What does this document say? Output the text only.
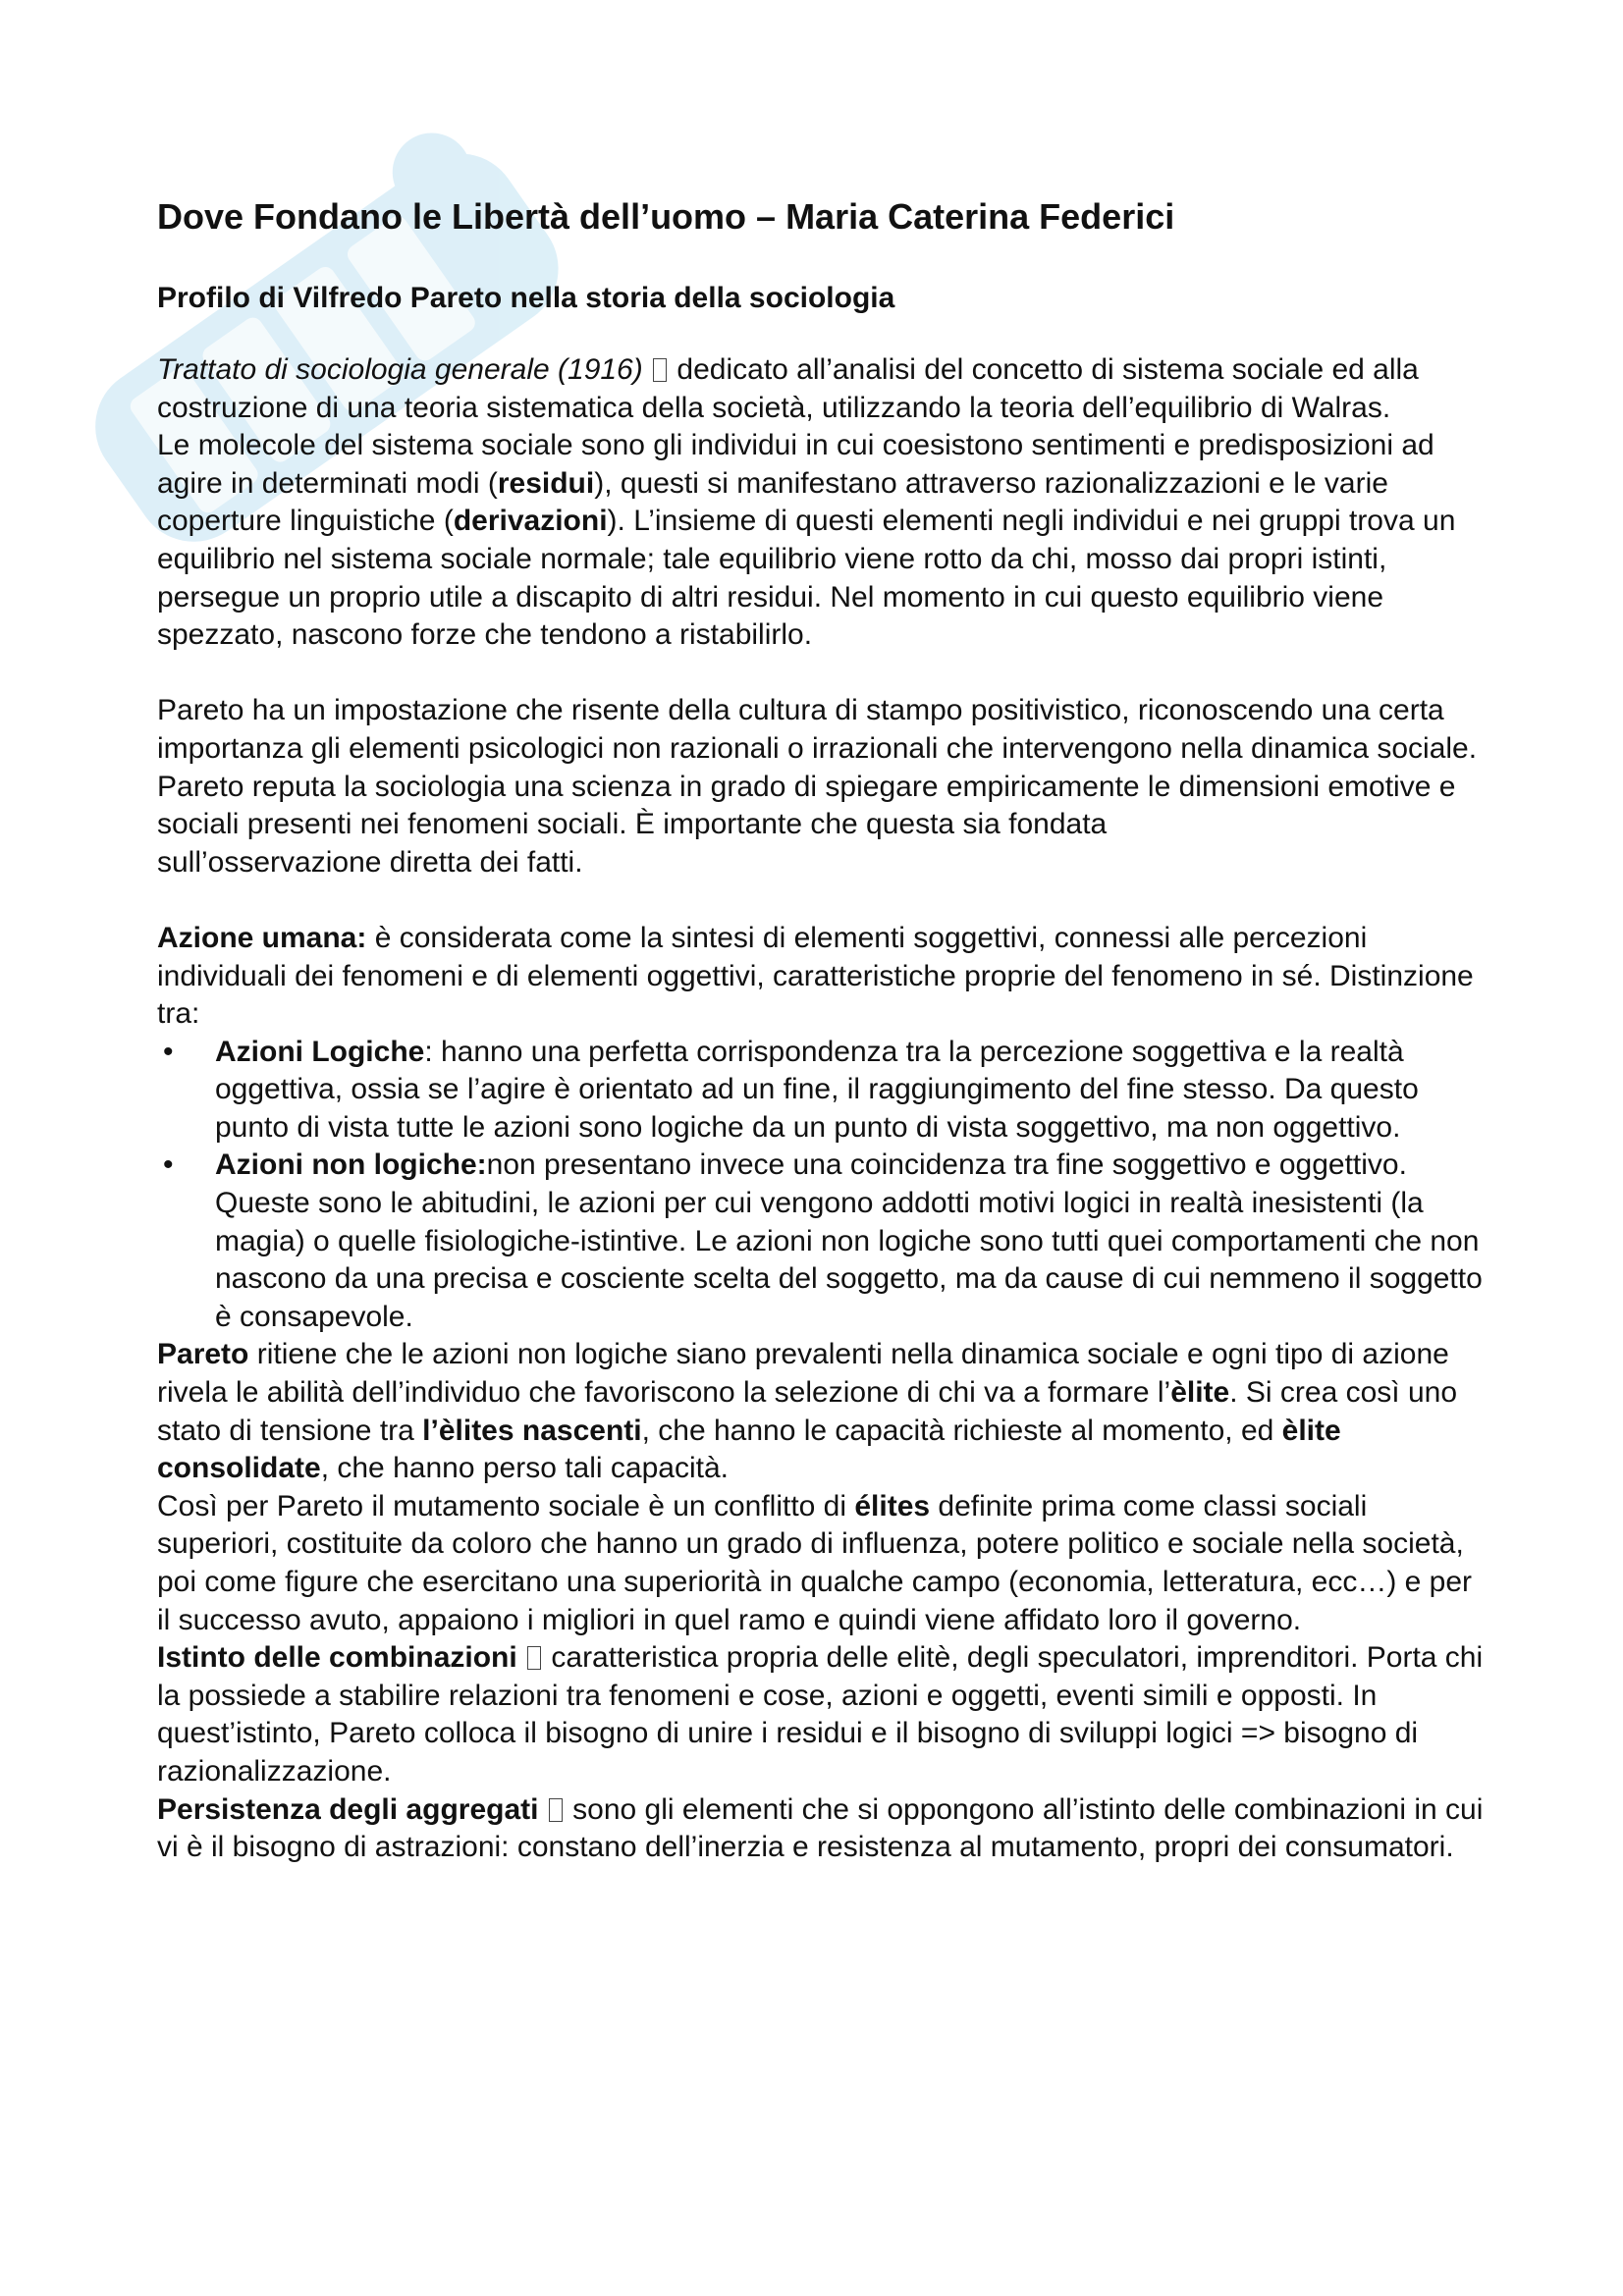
Dove Fondano le Libertà dell’uomo – Maria Caterina Federici
Profilo di Vilfredo Pareto nella storia della sociologia

Trattato di sociologia generale (1916)  dedicato all’analisi del concetto di sistema sociale ed alla costruzione di una teoria sistematica della società, utilizzando la teoria dell’equilibrio di Walras.

Le molecole del sistema sociale sono gli individui in cui coesistono sentimenti e predisposizioni ad agire in determinati modi (residui), questi si manifestano attraverso razionalizzazioni e le varie coperture linguistiche (derivazioni). L’insieme di questi elementi negli individui e nei gruppi trova un equilibrio nel sistema sociale normale; tale equilibrio viene rotto da chi, mosso dai propri istinti, persegue un proprio utile a discapito di altri residui. Nel momento in cui questo equilibrio viene spezzato, nascono forze che tendono a ristabilirlo.

Pareto ha un impostazione che risente della cultura di stampo positivistico, riconoscendo una certa importanza gli elementi psicologici non razionali o irrazionali che intervengono nella dinamica sociale. Pareto reputa la sociologia una scienza in grado di spiegare empiricamente le dimensioni emotive e sociali presenti nei fenomeni sociali. È importante che questa sia fondata
sull’osservazione diretta dei fatti.

Azione umana: è considerata come la sintesi di elementi soggettivi, connessi alle percezioni individuali dei fenomeni e di elementi oggettivi, caratteristiche proprie del fenomeno in sé. Distinzione tra:

• Azioni Logiche: hanno una perfetta corrispondenza tra la percezione soggettiva e la realtà oggettiva, ossia se l’agire è orientato ad un fine, il raggiungimento del fine stesso. Da questo punto di vista tutte le azioni sono logiche da un punto di vista soggettivo, ma non oggettivo.
• Azioni non logiche:non presentano invece una coincidenza tra fine soggettivo e oggettivo. Queste sono le abitudini, le azioni per cui vengono addotti motivi logici in realtà inesistenti (la magia) o quelle fisiologiche-istintive. Le azioni non logiche sono tutti quei comportamenti che non nascono da una precisa e cosciente scelta del soggetto, ma da cause di cui nemmeno il soggetto è consapevole.

Pareto ritiene che le azioni non logiche siano prevalenti nella dinamica sociale e ogni tipo di azione rivela le abilità dell’individuo che favoriscono la selezione di chi va a formare l’èlite. Si crea così uno stato di tensione tra l’èlites nascenti, che hanno le capacità richieste al momento, ed èlite consolidate, che hanno perso tali capacità.

Così per Pareto il mutamento sociale è un conflitto di élites definite prima come classi sociali superiori, costituite da coloro che hanno un grado di influenza, potere politico e sociale nella società, poi come figure che esercitano una superiorità in qualche campo (economia, letteratura, ecc…) e per il successo avuto, appaiono i migliori in quel ramo e quindi viene affidato loro il governo.

Istinto delle combinazioni  caratteristica propria delle elitè, degli speculatori, imprenditori. Porta chi la possiede a stabilire relazioni tra fenomeni e cose, azioni e oggetti, eventi simili e opposti. In quest’istinto, Pareto colloca il bisogno di unire i residui e il bisogno di sviluppi logici => bisogno di razionalizzazione.

Persistenza degli aggregati  sono gli elementi che si oppongono all’istinto delle combinazioni in cui vi è il bisogno di astrazioni: constano dell’inerzia e resistenza al mutamento, propri dei consumatori.
